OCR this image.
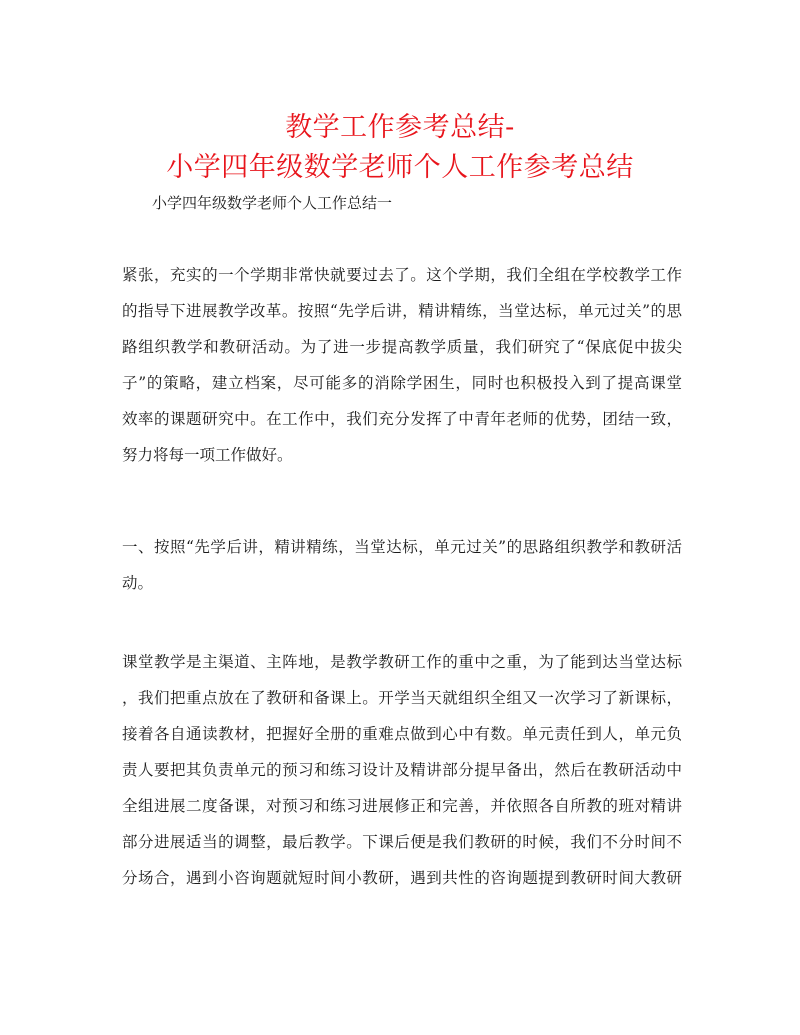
教学工作参考总结-
小学四年级数学老师个人工作参考总结
小学四年级数学老师个人工作总结一
紧张，充实的一个学期非常快就要过去了。这个学期，我们全组在学校教学工作
的指导下进展教学改革。按照“先学后讲，精讲精练，当堂达标，单元过关”的思
路组织教学和教研活动。为了进一步提高教学质量，我们研究了“保底促中拔尖
子”的策略，建立档案，尽可能多的消除学困生，同时也积极投入到了提高课堂
效率的课题研究中。在工作中，我们充分发挥了中青年老师的优势，团结一致，
努力将每一项工作做好。
一、按照“先学后讲，精讲精练，当堂达标，单元过关”的思路组织教学和教研活
动。
课堂教学是主渠道、主阵地，是教学教研工作的重中之重，为了能到达当堂达标
，我们把重点放在了教研和备课上。开学当天就组织全组又一次学习了新课标，
接着各自通读教材，把握好全册的重难点做到心中有数。单元责任到人，单元负
责人要把其负责单元的预习和练习设计及精讲部分提早备出，然后在教研活动中
全组进展二度备课，对预习和练习进展修正和完善，并依照各自所教的班对精讲
部分进展适当的调整，最后教学。下课后便是我们教研的时候，我们不分时间不
分场合，遇到小咨询题就短时间小教研，遇到共性的咨询题提到教研时间大教研
